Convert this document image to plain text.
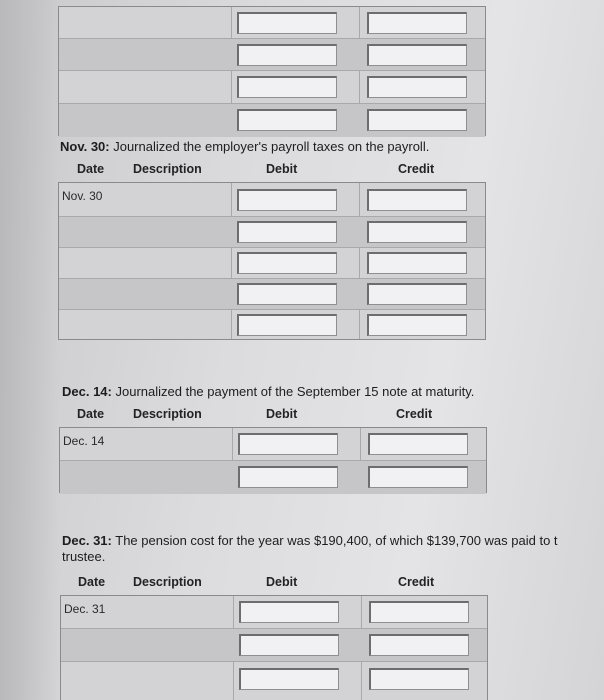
Nov. 30: Journalized the employer's payroll taxes on the payroll.
Date Description	Debit	Credit
Nov. 30
Dec. 14: Journalized the payment of the September 15 note at maturity.
Date Description	Debit	Credit
Dec. 14
Dec. 31: The pension cost for the year was $190,400, of which $139,700 was paid to t
trustee.
Date Description	Debit	Credit
Dec. 31
